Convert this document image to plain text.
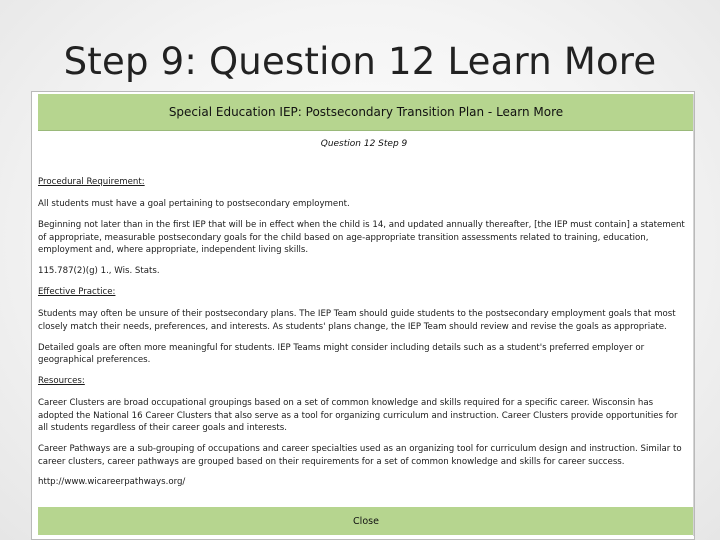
Step 9: Question 12 Learn More
Special Education IEP: Postsecondary Transition Plan - Learn More
Question 12 Step 9

Procedural Requirement:

All students must have a goal pertaining to postsecondary employment.

Beginning not later than in the first IEP that will be in effect when the child is 14, and updated annually thereafter, [the IEP must contain] a statement of appropriate, measurable postsecondary goals for the child based on age-appropriate transition assessments related to training, education, employment and, where appropriate, independent living skills.

115.787(2)(g) 1., Wis. Stats.

Effective Practice:

Students may often be unsure of their postsecondary plans. The IEP Team should guide students to the postsecondary employment goals that most closely match their needs, preferences, and interests. As students' plans change, the IEP Team should review and revise the goals as appropriate.

Detailed goals are often more meaningful for students. IEP Teams might consider including details such as a student's preferred employer or geographical preferences.

Resources:

Career Clusters are broad occupational groupings based on a set of common knowledge and skills required for a specific career. Wisconsin has adopted the National 16 Career Clusters that also serve as a tool for organizing curriculum and instruction. Career Clusters provide opportunities for all students regardless of their career goals and interests.

Career Pathways are a sub-grouping of occupations and career specialties used as an organizing tool for curriculum design and instruction. Similar to career clusters, career pathways are grouped based on their requirements for a set of common knowledge and skills for career success.

http://www.wicareerpathways.org/

Close
